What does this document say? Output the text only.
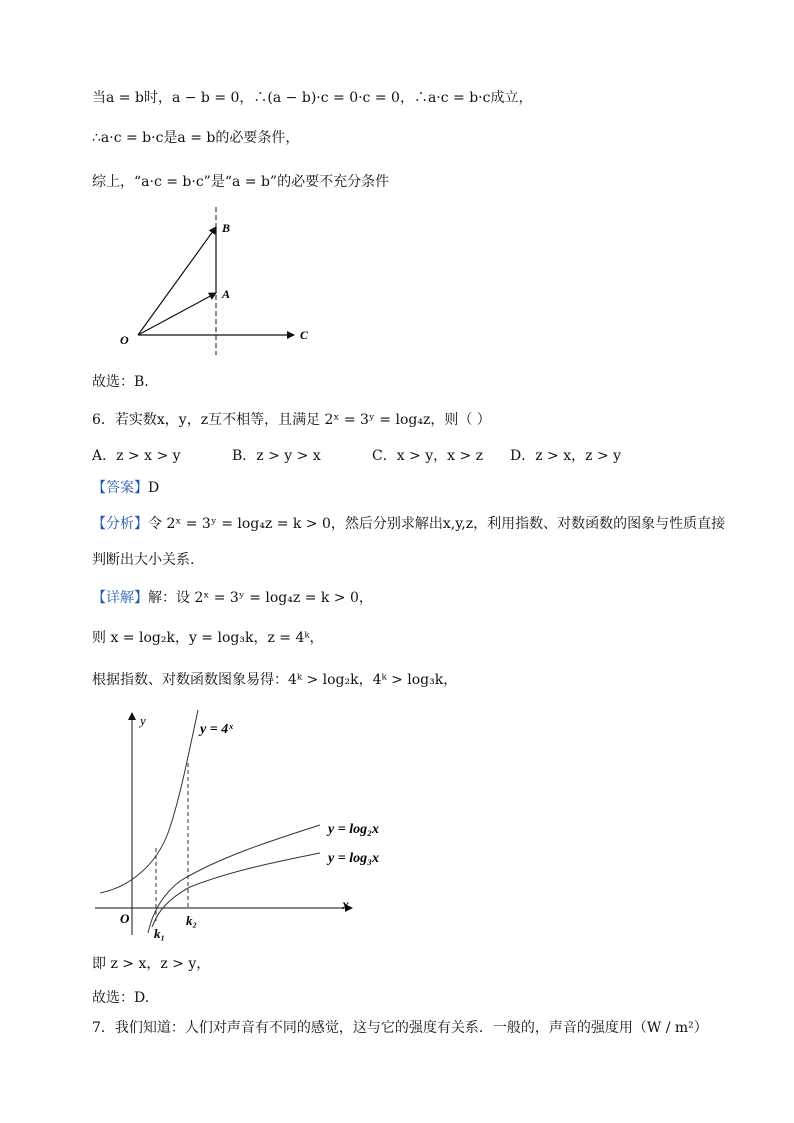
当a = b时，a − b = 0，∴(a − b)·c = 0·c = 0，∴a·c = b·c成立，
∴a·c = b·c是a = b的必要条件，
综上，“a·c = b·c”是“a = b”的必要不充分条件
B
A
O	C
故选：B.
6．若实数x，y，z互不相等，且满足 2ˣ = 3ʸ = log₄z，则（ ）
A．z > x > y	B．z > y > x	C．x > y，x > z D．z > x，z > y
【答案】D
【分析】令 2ˣ = 3ʸ = log₄z = k > 0，然后分别求解出x,y,z，利用指数、对数函数的图象与性质直接
判断出大小关系.
【详解】解：设 2ˣ = 3ʸ = log₄z = k > 0，
则 x = log₂k，y = log₃k，z = 4ᵏ，
根据指数、对数函数图象易得：4ᵏ > log₂k，4ᵏ > log₃k，
y
x
O
y = 4ˣ
y = log₂x
y = log₃x
k₁
k₂
即 z > x，z > y，
故选：D.
7．我们知道：人们对声音有不同的感觉，这与它的强度有关系．一般的，声音的强度用（W / m²）
